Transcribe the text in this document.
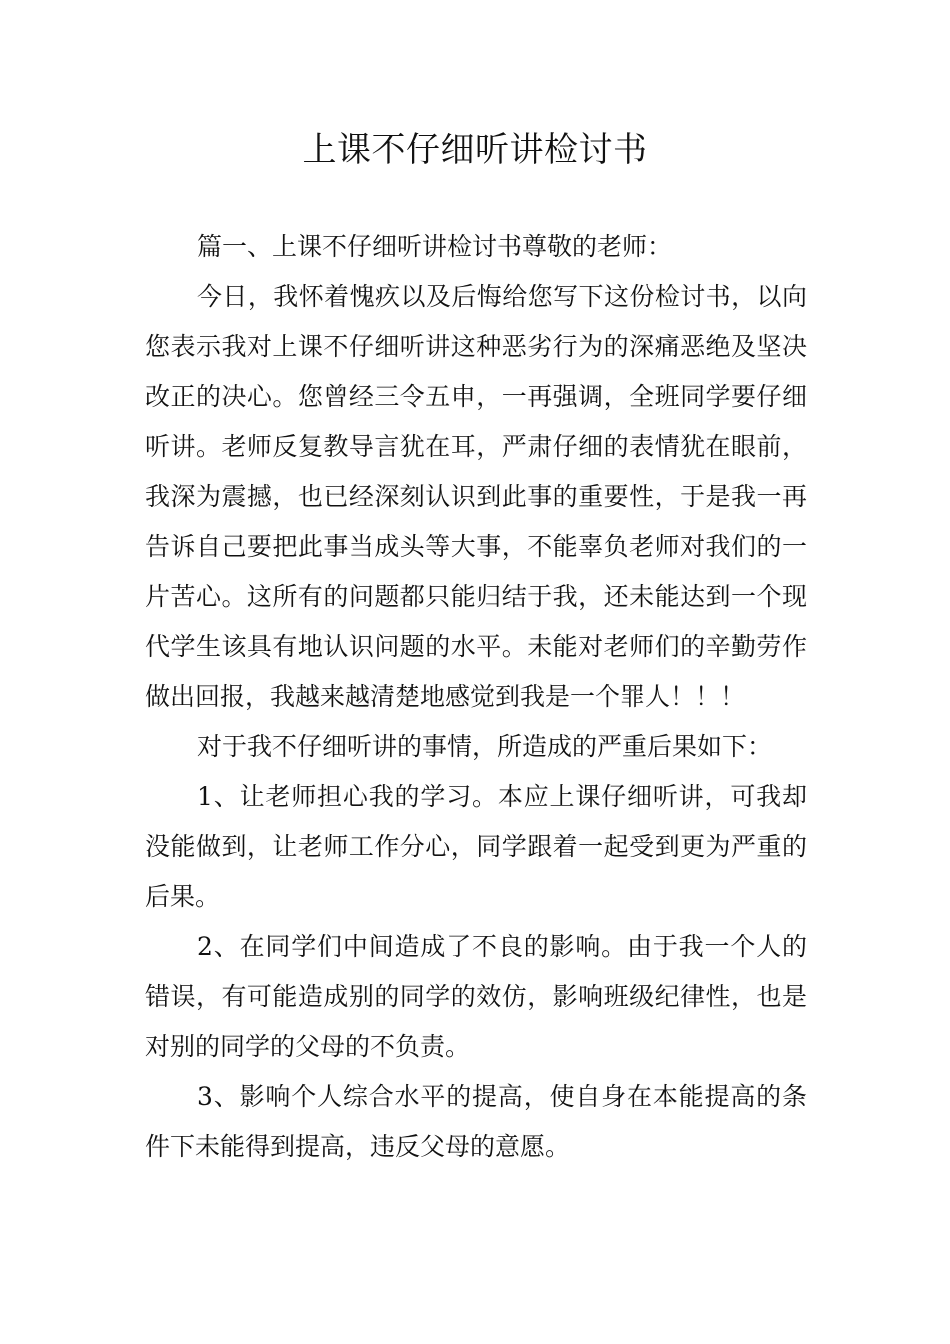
上课不仔细听讲检讨书

篇一、上课不仔细听讲检讨书尊敬的老师：

今日，我怀着愧疚以及后悔给您写下这份检讨书，以向您表示我对上课不仔细听讲这种恶劣行为的深痛恶绝及坚决改正的决心。您曾经三令五申，一再强调，全班同学要仔细听讲。老师反复教导言犹在耳，严肃仔细的表情犹在眼前，我深为震撼，也已经深刻认识到此事的重要性，于是我一再告诉自己要把此事当成头等大事，不能辜负老师对我们的一片苦心。这所有的问题都只能归结于我，还未能达到一个现代学生该具有地认识问题的水平。未能对老师们的辛勤劳作做出回报，我越来越清楚地感觉到我是一个罪人！！！

对于我不仔细听讲的事情，所造成的严重后果如下：

1、让老师担心我的学习。本应上课仔细听讲，可我却没能做到，让老师工作分心，同学跟着一起受到更为严重的后果。

2、在同学们中间造成了不良的影响。由于我一个人的错误，有可能造成别的同学的效仿，影响班级纪律性，也是对别的同学的父母的不负责。

3、影响个人综合水平的提高，使自身在本能提高的条件下未能得到提高，违反父母的意愿。
